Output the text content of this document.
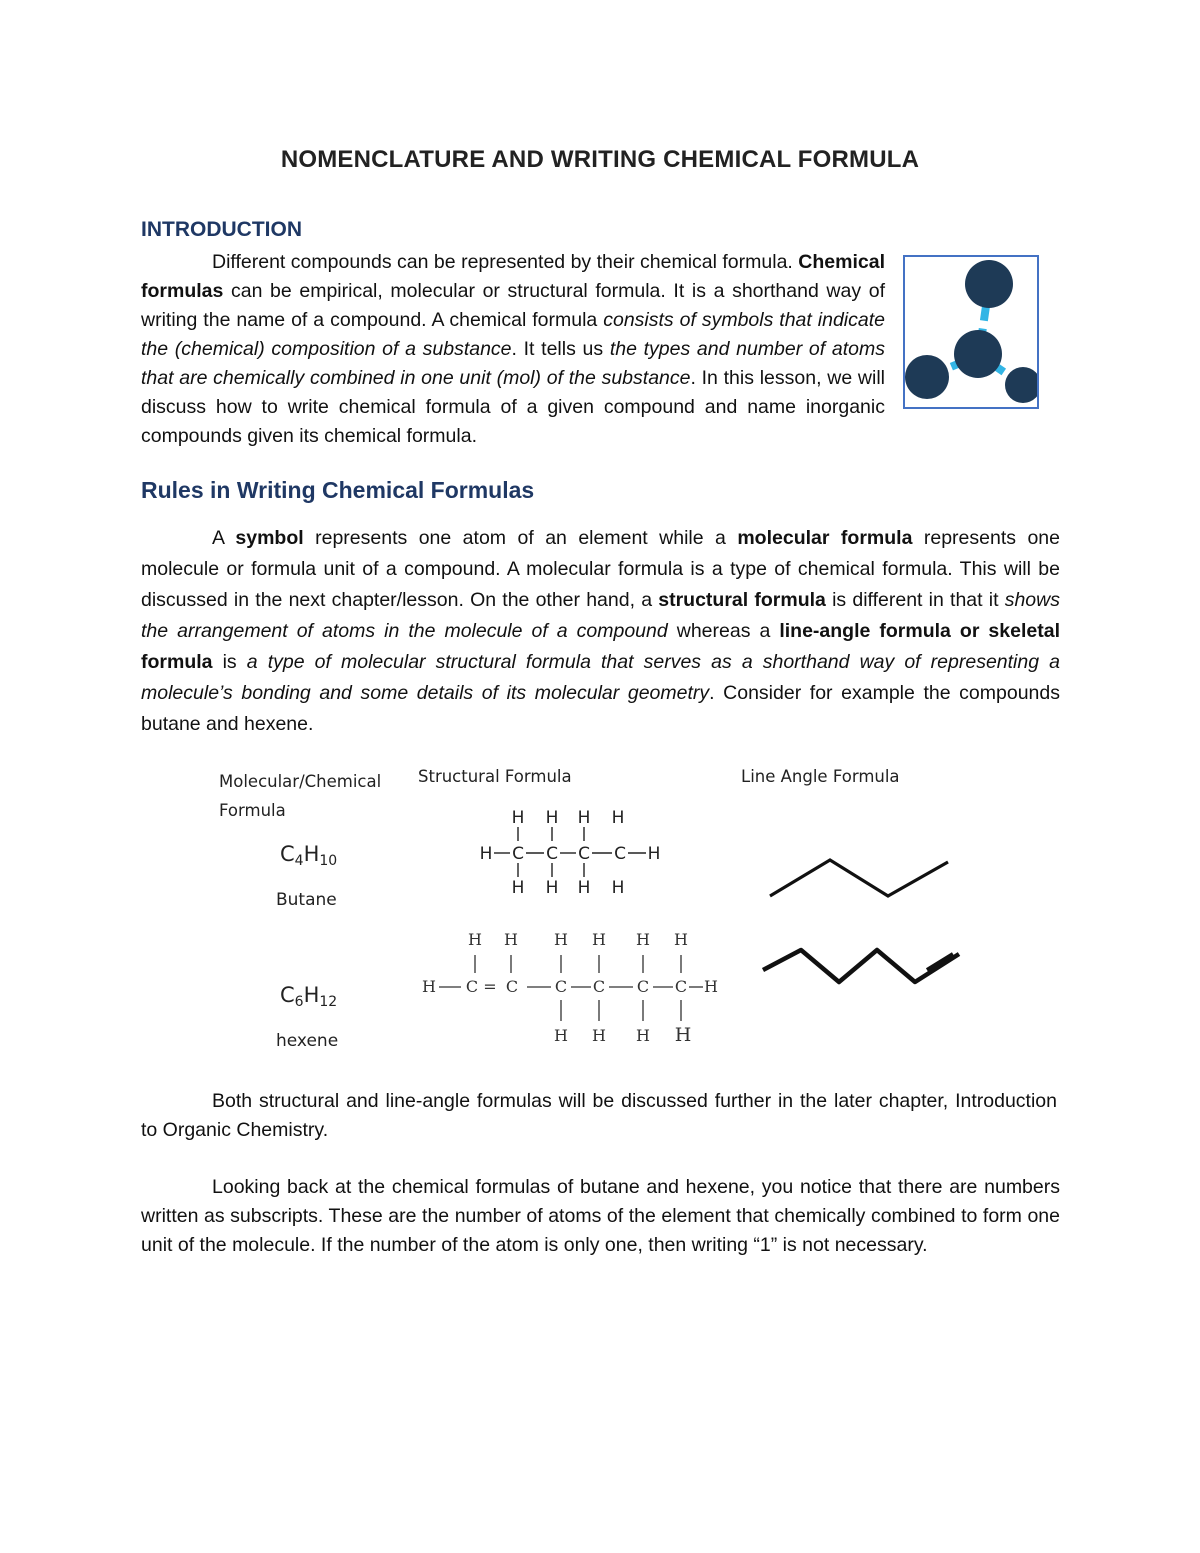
NOMENCLATURE AND WRITING CHEMICAL FORMULA
INTRODUCTION
Different compounds can be represented by their chemical formula. Chemical formulas can be empirical, molecular or structural formula. It is a shorthand way of writing the name of a compound. A chemical formula consists of symbols that indicate the (chemical) composition of a substance. It tells us the types and number of atoms that are chemically combined in one unit (mol) of the substance. In this lesson, we will discuss how to write chemical formula of a given compound and name inorganic compounds given its chemical formula.
Rules in Writing Chemical Formulas
A symbol represents one atom of an element while a molecular formula represents one molecule or formula unit of a compound. A molecular formula is a type of chemical formula. This will be discussed in the next chapter/lesson. On the other hand, a structural formula is different in that it shows the arrangement of atoms in the molecule of a compound whereas a line-angle formula or skeletal formula is a type of molecular structural formula that serves as a shorthand way of representing a molecule’s bonding and some details of its molecular geometry. Consider for example the compounds butane and hexene.
Molecular/Chemical Formula
Structural Formula	Line Angle Formula
$C_4H_{10}$
Butane
$C_6H_{12}$
hexene
H H H H
H C C C C H
H H H H
H H H H H H
H C = C C C C C H
H H H H
Both structural and line-angle formulas will be discussed further in the later chapter, Introduction to Organic Chemistry.
Looking back at the chemical formulas of butane and hexene, you notice that there are numbers written as subscripts. These are the number of atoms of the element that chemically combined to form one unit of the molecule. If the number of the atom is only one, then writing “1” is not necessary.
